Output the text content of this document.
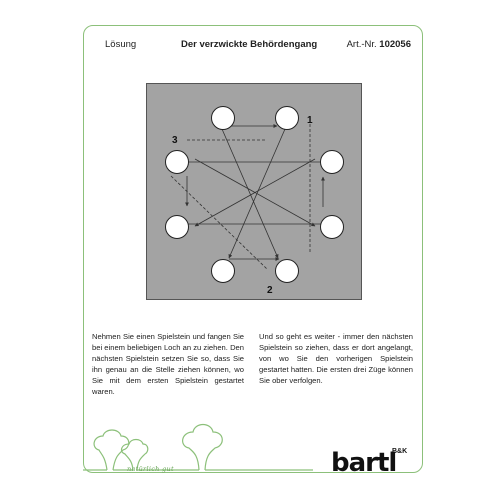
Lösung	Der verzwickte Behördengang	Art.-Nr. 102056
1
2
3
Nehmen Sie einen Spielstein und fangen Sie bei einem beliebigen Loch an zu ziehen. Den nächsten Spielstein setzen Sie so, dass Sie ihn genau an die Stelle ziehen können, wo Sie mit dem ersten Spielstein gestartet waren.
Und so geht es weiter - immer den nächsten Spielstein so ziehen, dass er dort angelangt, von wo Sie den vorherigen Spielstein gestartet hatten. Die ersten drei Züge können Sie ober verfolgen.
natürlich gut	bartl
B&K
